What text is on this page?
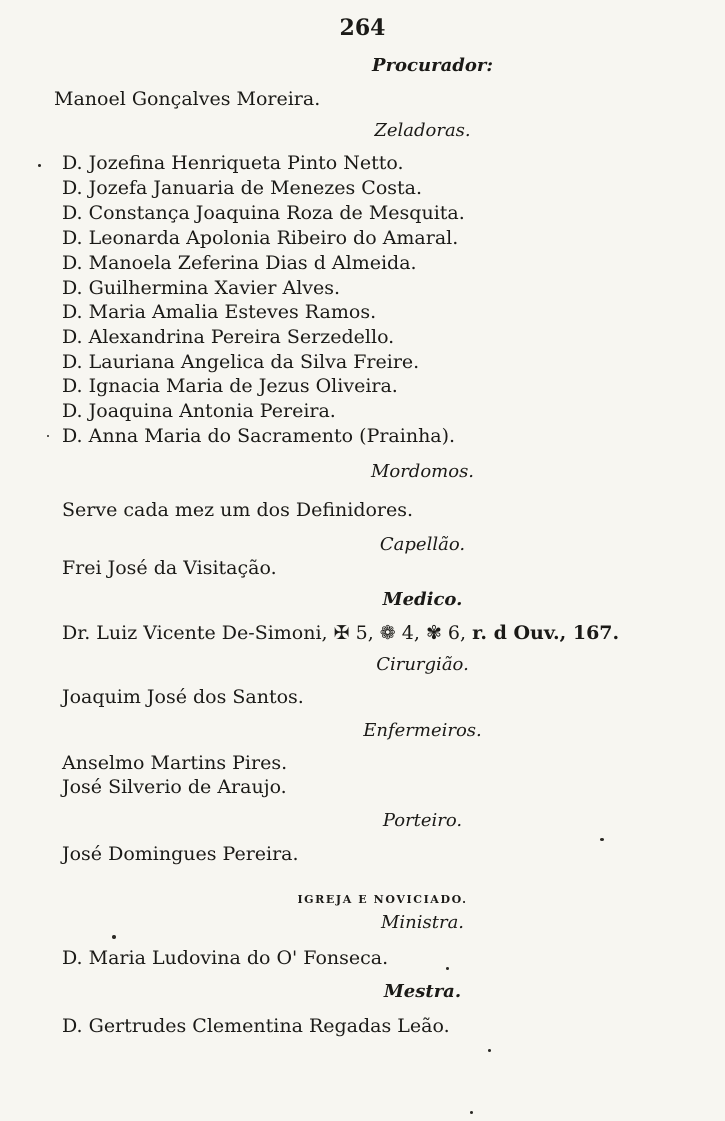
264
Procurador:
Manoel Gonçalves Moreira.
Zeladoras.
D. Jozefina Henriqueta Pinto Netto.
D. Jozefa Januaria de Menezes Costa.
D. Constança Joaquina Roza de Mesquita.
D. Leonarda Apolonia Ribeiro do Amaral.
D. Manoela Zeferina Dias d Almeida.
D. Guilhermina Xavier Alves.
D. Maria Amalia Esteves Ramos.
D. Alexandrina Pereira Serzedello.
D. Lauriana Angelica da Silva Freire.
D. Ignacia Maria de Jezus Oliveira.
D. Joaquina Antonia Pereira.
D. Anna Maria do Sacramento (Prainha).
Mordomos.
Serve cada mez um dos Definidores.
Capellão.
Frei José da Visitação.
Medico.
Dr. Luiz Vicente De-Simoni, ✠ 5, ❁ 4, ✾ 6, r. d Ouv., 167.
Cirurgião.
Joaquim José dos Santos.
Enfermeiros.
Anselmo Martins Pires.
José Silverio de Araujo.
Porteiro.
José Domingues Pereira.
IGREJA E NOVICIADO.
Ministra.
D. Maria Ludovina do O' Fonseca.
Mestra.
D. Gertrudes Clementina Regadas Leão.
